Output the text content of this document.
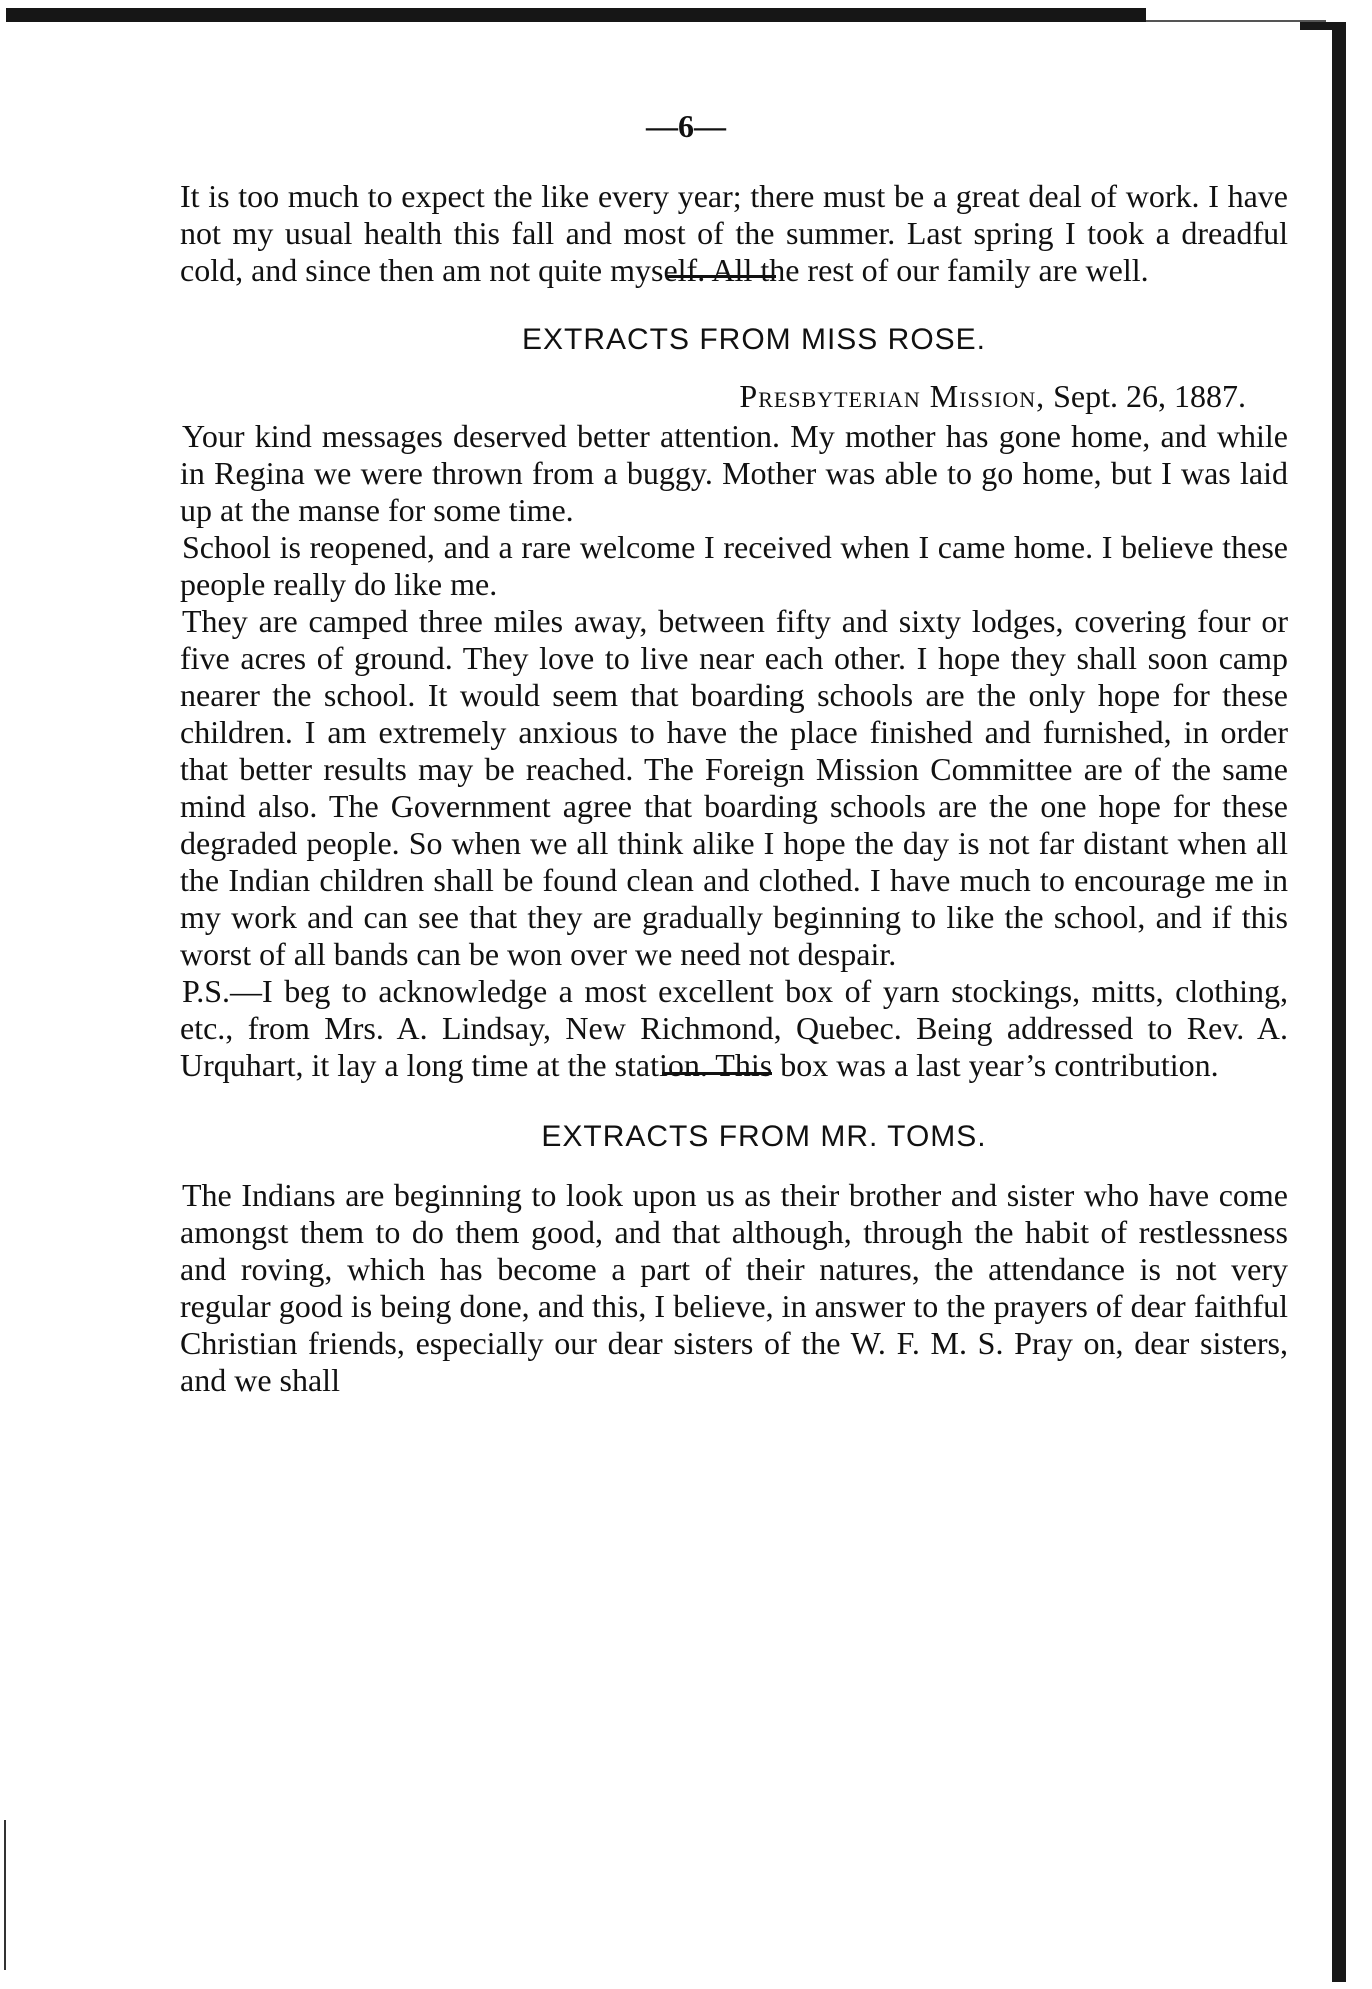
—6—

It is too much to expect the like every year; there must be a great deal of work. I have not my usual health this fall and most of the summer. Last spring I took a dreadful cold, and since then am not quite myself. All the rest of our family are well.

EXTRACTS FROM MISS ROSE.
Presbyterian Mission, Sept. 26, 1887.

Your kind messages deserved better attention. My mother has gone home, and while in Regina we were thrown from a buggy. Mother was able to go home, but I was laid up at the manse for some time.

School is reopened, and a rare welcome I received when I came home. I believe these people really do like me.

They are camped three miles away, between fifty and sixty lodges, covering four or five acres of ground. They love to live near each other. I hope they shall soon camp nearer the school. It would seem that boarding schools are the only hope for these children. I am extremely anxious to have the place finished and furnished, in order that better results may be reached. The Foreign Mission Committee are of the same mind also. The Government agree that boarding schools are the one hope for these degraded people. So when we all think alike I hope the day is not far distant when all the Indian children shall be found clean and clothed. I have much to encourage me in my work and can see that they are gradually beginning to like the school, and if this worst of all bands can be won over we need not despair.

P.S.—I beg to acknowledge a most excellent box of yarn stockings, mitts, clothing, etc., from Mrs. A. Lindsay, New Richmond, Quebec. Being addressed to Rev. A. Urquhart, it lay a long time at the station. This box was a last year’s contribution.

EXTRACTS FROM MR. TOMS.

The Indians are beginning to look upon us as their brother and sister who have come amongst them to do them good, and that although, through the habit of restlessness and roving, which has become a part of their natures, the attendance is not very regular good is being done, and this, I believe, in answer to the prayers of dear faithful Christian friends, especially our dear sisters of the W. F. M. S. Pray on, dear sisters, and we shall
